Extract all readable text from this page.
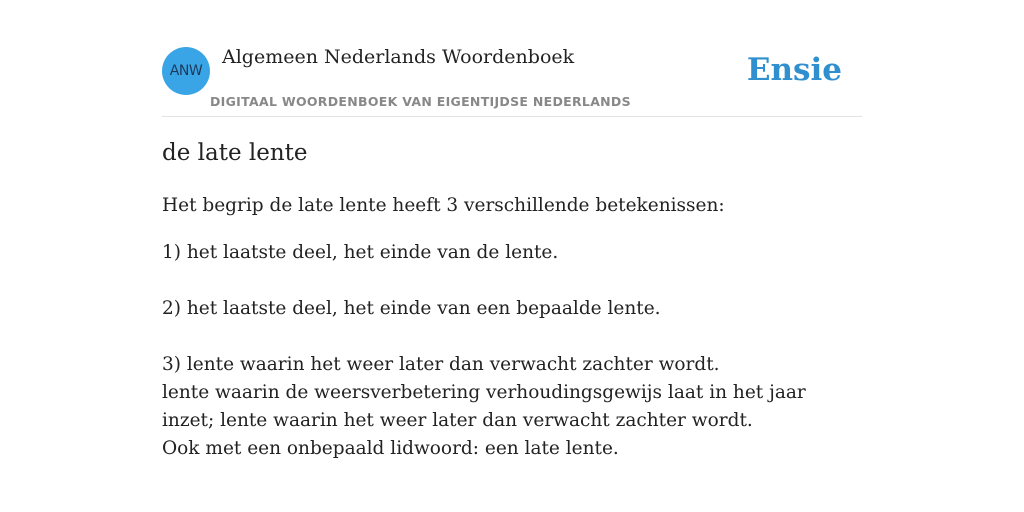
ANW
Algemeen Nederlands Woordenboek
DIGITAAL WOORDENBOEK VAN EIGENTIJDSE NEDERLANDS
Ensie
de late lente

Het begrip de late lente heeft 3 verschillende betekenissen:

1) het laatste deel, het einde van de lente.

2) het laatste deel, het einde van een bepaalde lente.

3) lente waarin het weer later dan verwacht zachter wordt.

lente waarin de weersverbetering verhoudingsgewijs laat in het jaar inzet; lente waarin het weer later dan verwacht zachter wordt.

Ook met een onbepaald lidwoord: een late lente.
